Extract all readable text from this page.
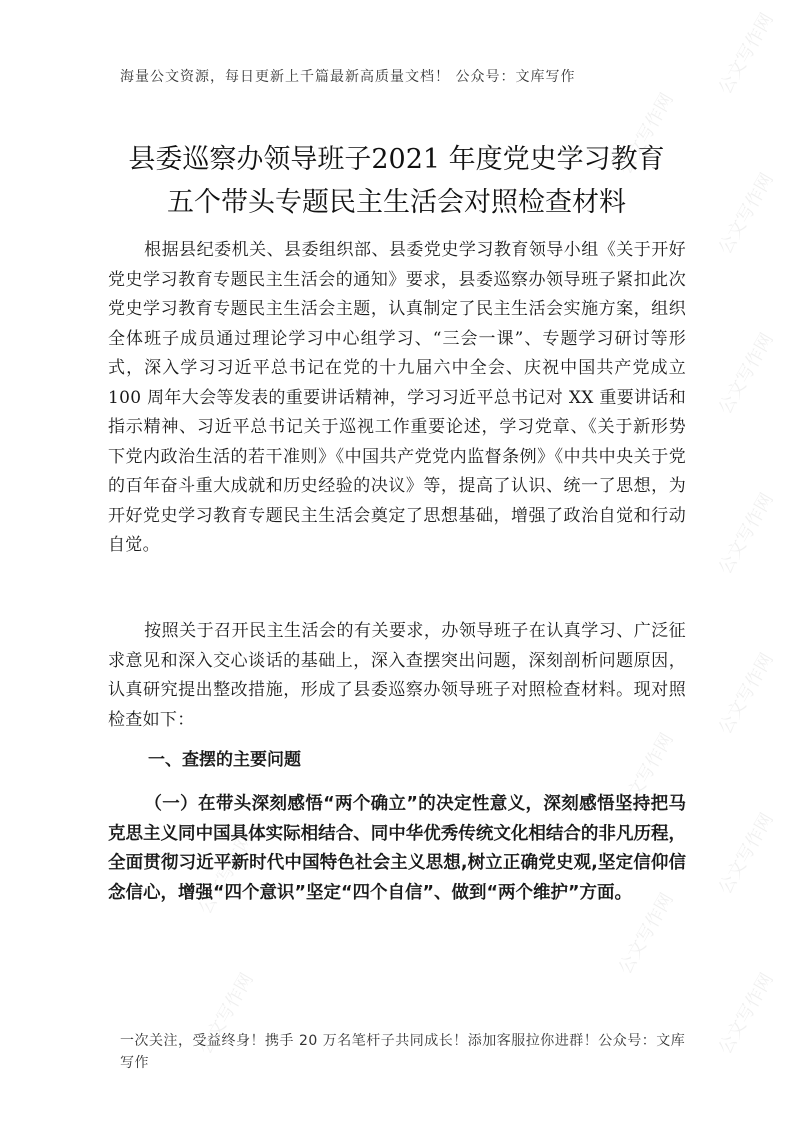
公文写作网
公文写作网
公文写作网
公文写作网
公文写作网
公文写作网
公文写作网
公文写作网
公文写作网
公文写作网
公文写作网
公文写作网
海量公文资源，每日更新上千篇最新高质量文档！ 公众号：文库写作
县委巡察办领导班子2021 年度党史学习教育
五个带头专题民主生活会对照检查材料
根据县纪委机关、县委组织部、县委党史学习教育领导小组《关于开好党史学习教育专题民主生活会的通知》要求，县委巡察办领导班子紧扣此次党史学习教育专题民主生活会主题，认真制定了民主生活会实施方案，组织全体班子成员通过理论学习中心组学习、“三会一课”、专题学习研讨等形式，深入学习习近平总书记在党的十九届六中全会、庆祝中国共产党成立 100 周年大会等发表的重要讲话精神，学习习近平总书记对 XX 重要讲话和指示精神、习近平总书记关于巡视工作重要论述，学习党章、《关于新形势下党内政治生活的若干准则》《中国共产党党内监督条例》《中共中央关于党的百年奋斗重大成就和历史经验的决议》等，提高了认识、统一了思想，为开好党史学习教育专题民主生活会奠定了思想基础，增强了政治自觉和行动自觉。
按照关于召开民主生活会的有关要求，办领导班子在认真学习、广泛征求意见和深入交心谈话的基础上，深入查摆突出问题，深刻剖析问题原因，认真研究提出整改措施，形成了县委巡察办领导班子对照检查材料。现对照检查如下：
一、查摆的主要问题
（一）在带头深刻感悟“两个确立”的决定性意义，深刻感悟坚持把马克思主义同中国具体实际相结合、同中华优秀传统文化相结合的非凡历程，全面贯彻习近平新时代中国特色社会主义思想,树立正确党史观,坚定信仰信念信心，增强“四个意识”坚定“四个自信”、做到“两个维护”方面。
一次关注，受益终身！携手 20 万名笔杆子共同成长！添加客服拉你进群！公众号：文库写作
